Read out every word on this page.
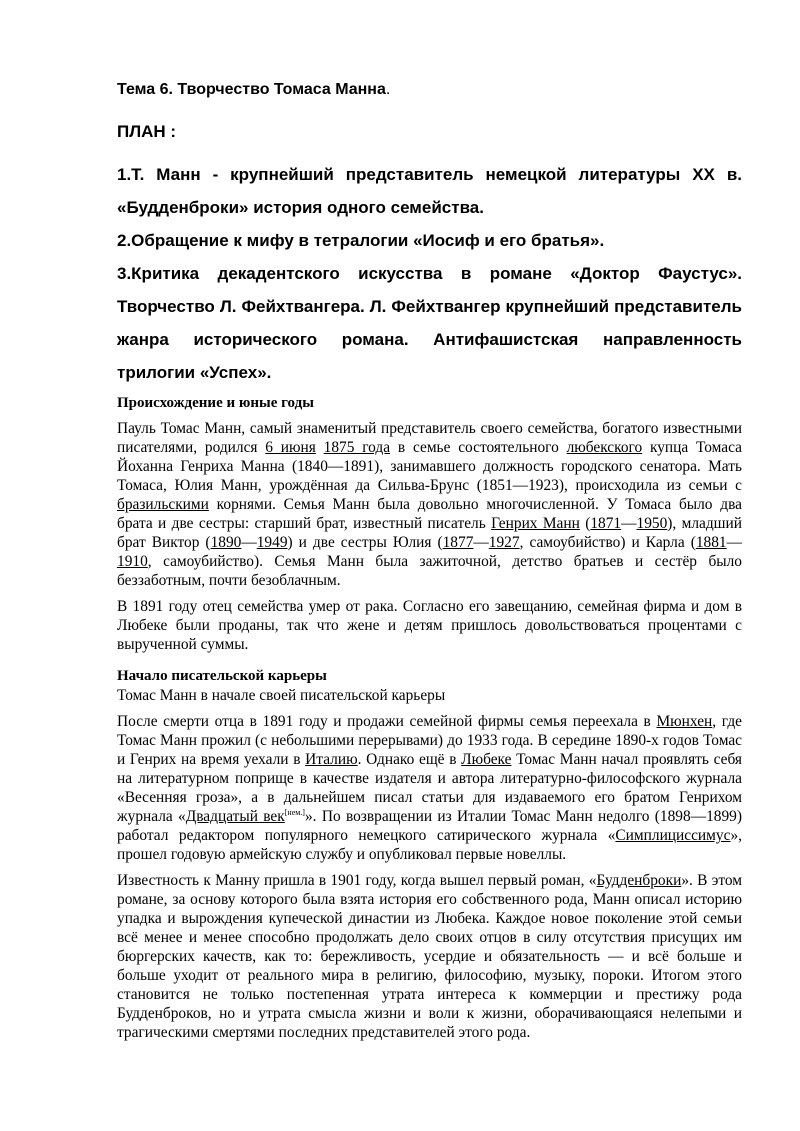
Тема 6. Творчество Томаса Манна.
ПЛАН :
1.Т. Манн - крупнейший представитель немецкой литературы XX в. «Будденброки» история одного семейства.
2.Обращение к мифу в тетралогии «Иосиф и его братья».
3.Критика декадентского искусства в романе «Доктор Фаустус». Творчество Л. Фейхтвангера. Л. Фейхтвангер крупнейший представитель жанра исторического романа. Антифашистская направленность трилогии «Успех».
Происхождение и юные годы

Пауль Томас Манн, самый знаменитый представитель своего семейства, богатого известными писателями, родился 6 июня 1875 года в семье состоятельного любекского купца Томаса Йоханна Генриха Манна (1840—1891), занимавшего должность городского сенатора. Мать Томаса, Юлия Манн, урождённая да Сильва-Брунс (1851—1923), происходила из семьи с бразильскими корнями. Семья Манн была довольно многочисленной. У Томаса было два брата и две сестры: старший брат, известный писатель Генрих Манн (1871—1950), младший брат Виктор (1890—1949) и две сестры Юлия (1877—1927, самоубийство) и Карла (1881—1910, самоубийство). Семья Манн была зажиточной, детство братьев и сестёр было беззаботным, почти безоблачным.

В 1891 году отец семейства умер от рака. Согласно его завещанию, семейная фирма и дом в Любеке были проданы, так что жене и детям пришлось довольствоваться процентами с вырученной суммы.

Начало писательской карьеры

Томас Манн в начале своей писательской карьеры

После смерти отца в 1891 году и продажи семейной фирмы семья переехала в Мюнхен, где Томас Манн прожил (с небольшими перерывами) до 1933 года. В середине 1890-х годов Томас и Генрих на время уехали в Италию. Однако ещё в Любеке Томас Манн начал проявлять себя на литературном поприще в качестве издателя и автора литературно-философского журнала «Весенняя гроза», а в дальнейшем писал статьи для издаваемого его братом Генрихом журнала «Двадцатый век[нем.]». По возвращении из Италии Томас Манн недолго (1898—1899) работал редактором популярного немецкого сатирического журнала «Симплициссимус», прошел годовую армейскую службу и опубликовал первые новеллы.

Известность к Манну пришла в 1901 году, когда вышел первый роман, «Будденброки». В этом романе, за основу которого была взята история его собственного рода, Манн описал историю упадка и вырождения купеческой династии из Любека. Каждое новое поколение этой семьи всё менее и менее способно продолжать дело своих отцов в силу отсутствия присущих им бюргерских качеств, как то: бережливость, усердие и обязательность — и всё больше и больше уходит от реального мира в религию, философию, музыку, пороки. Итогом этого становится не только постепенная утрата интереса к коммерции и престижу рода Будденброков, но и утрата смысла жизни и воли к жизни, оборачивающаяся нелепыми и трагическими смертями последних представителей этого рода.
